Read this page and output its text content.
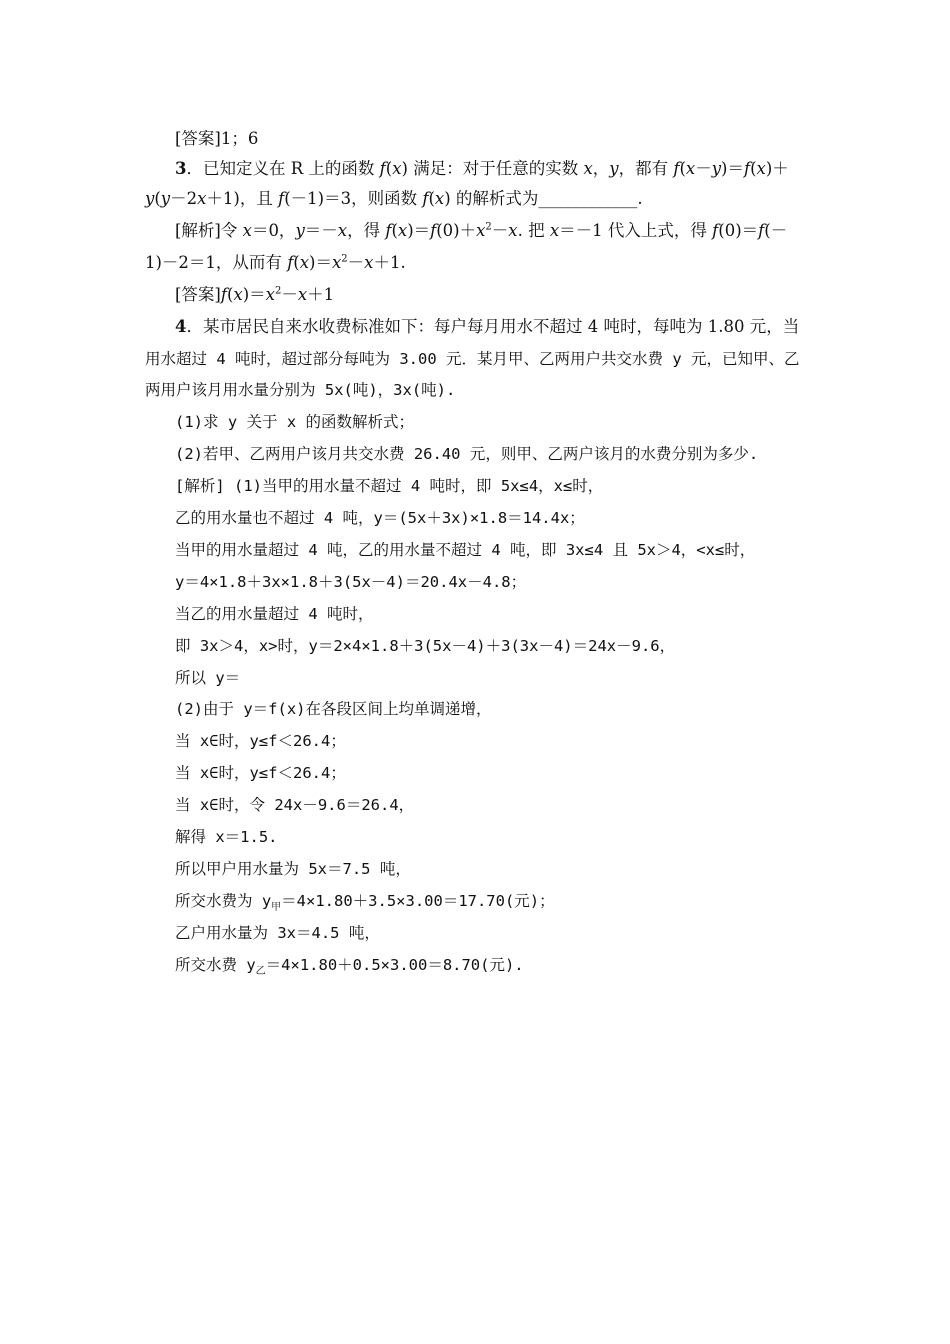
[答案]1；6
3．已知定义在 R 上的函数 f(x) 满足：对于任意的实数 x，y，都有 f(x－y)＝f(x)＋
y(y－2x＋1)，且 f(－1)＝3，则函数 f(x) 的解析式为____________.
[解析]令 x＝0，y＝－x，得 $f(x)=f(0)+x^2-x$. 把 x＝－1 代入上式，得 f(0)＝f(－
1)－2＝1，从而有 $f(x)=x^2-x+1$.
[答案]$f(x)=x^2-x+1$
4．某市居民自来水收费标准如下：每户每月用水不超过 4 吨时，每吨为 1.80 元，当
用水超过 4 吨时，超过部分每吨为 3.00 元．某月甲、乙两用户共交水费 y 元，已知甲、乙
两用户该月用水量分别为 5x(吨)，3x(吨).
(1)求 y 关于 x 的函数解析式；
(2)若甲、乙两用户该月共交水费 26.40 元，则甲、乙两户该月的水费分别为多少.
[解析] (1)当甲的用水量不超过 4 吨时，即 5x≤4，x≤时，
乙的用水量也不超过 4 吨，y＝(5x＋3x)×1.8＝14.4x；
当甲的用水量超过 4 吨，乙的用水量不超过 4 吨，即 3x≤4 且 5x＞4，<x≤时，
y＝4×1.8＋3x×1.8＋3(5x－4)＝20.4x－4.8；
当乙的用水量超过 4 吨时，
即 3x＞4，x>时，y＝2×4×1.8＋3(5x－4)＋3(3x－4)＝24x－9.6，
所以 y＝
(2)由于 y＝f(x)在各段区间上均单调递增，
当 x∈时，y≤f＜26.4；
当 x∈时，y≤f＜26.4；
当 x∈时，令 24x－9.6＝26.4，
解得 x＝1.5.
所以甲户用水量为 5x＝7.5 吨，
所交水费为 $y_甲=4\times 1.80+3.5\times 3.00=17.70$(元)；
乙户用水量为 3x＝4.5 吨，
所交水费 $y_乙=4\times 1.80+0.5\times 3.00=8.70$(元).
